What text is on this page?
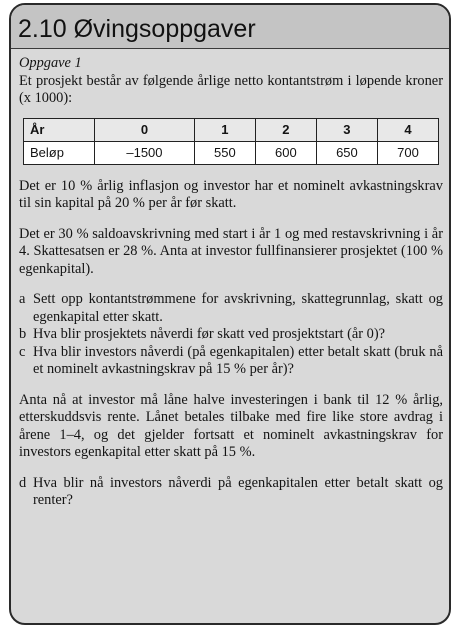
2.10 Øvingsoppgaver

Oppgave 1

Et prosjekt består av følgende årlige netto kontantstrøm i løpende kroner (x 1000):

År	0	1	2	3	4
Beløp	–1500	550	600	650	700

Det er 10 % årlig inflasjon og investor har et nominelt avkastningskrav til sin kapital på 20 % per år før skatt.

Det er 30 % saldoavskrivning med start i år 1 og med restavskrivning i år 4. Skattesatsen er 28 %. Anta at investor fullfinansierer prosjektet (100 % egenkapital).

a Sett opp kontantstrømmene for avskrivning, skattegrunnlag, skatt og egenkapital etter skatt.
b Hva blir prosjektets nåverdi før skatt ved prosjektstart (år 0)?
c Hva blir investors nåverdi (på egenkapitalen) etter betalt skatt (bruk nå et nominelt avkastningskrav på 15 % per år)?

Anta nå at investor må låne halve investeringen i bank til 12 % årlig, etterskuddsvis rente. Lånet betales tilbake med fire like store avdrag i årene 1–4, og det gjelder fortsatt et nominelt avkastningskrav for investors egenkapital etter skatt på 15 %.

d Hva blir nå investors nåverdi på egenkapitalen etter betalt skatt og renter?
